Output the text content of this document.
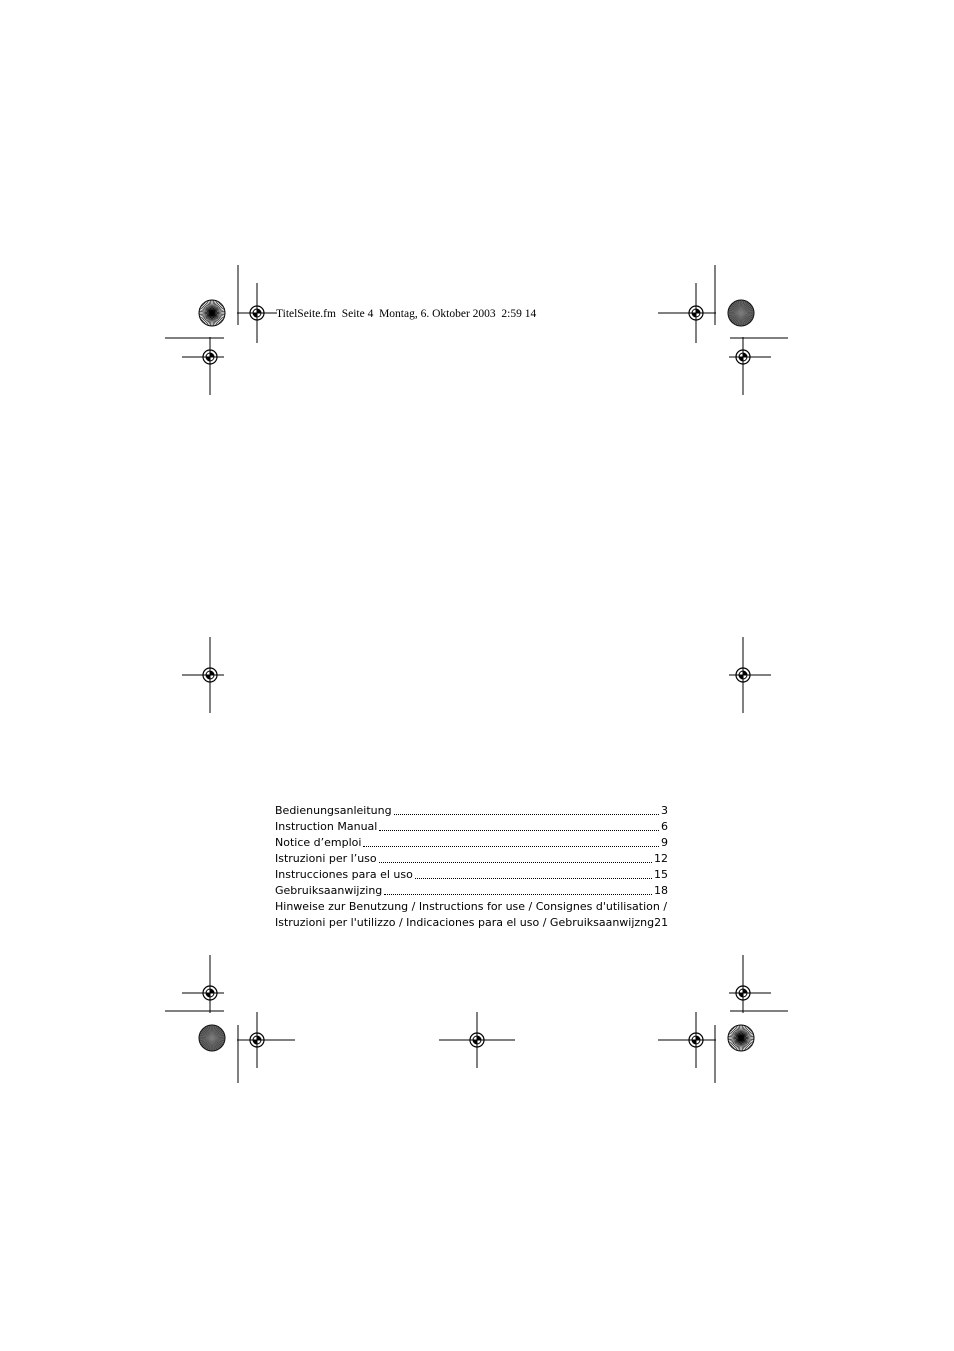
TitelSeite.fm  Seite 4  Montag, 6. Oktober 2003  2:59 14
Bedienungsanleitung	3
Instruction Manual	6
Notice d’emploi	9
Istruzioni per l’uso	12
Instrucciones para el uso	15
Gebruiksaanwijzing	18
Hinweise zur Benutzung / Instructions for use / Consignes d'utilisation /
Istruzioni per l'utilizzo / Indicaciones para el uso / Gebruiksaanwijzng 21
